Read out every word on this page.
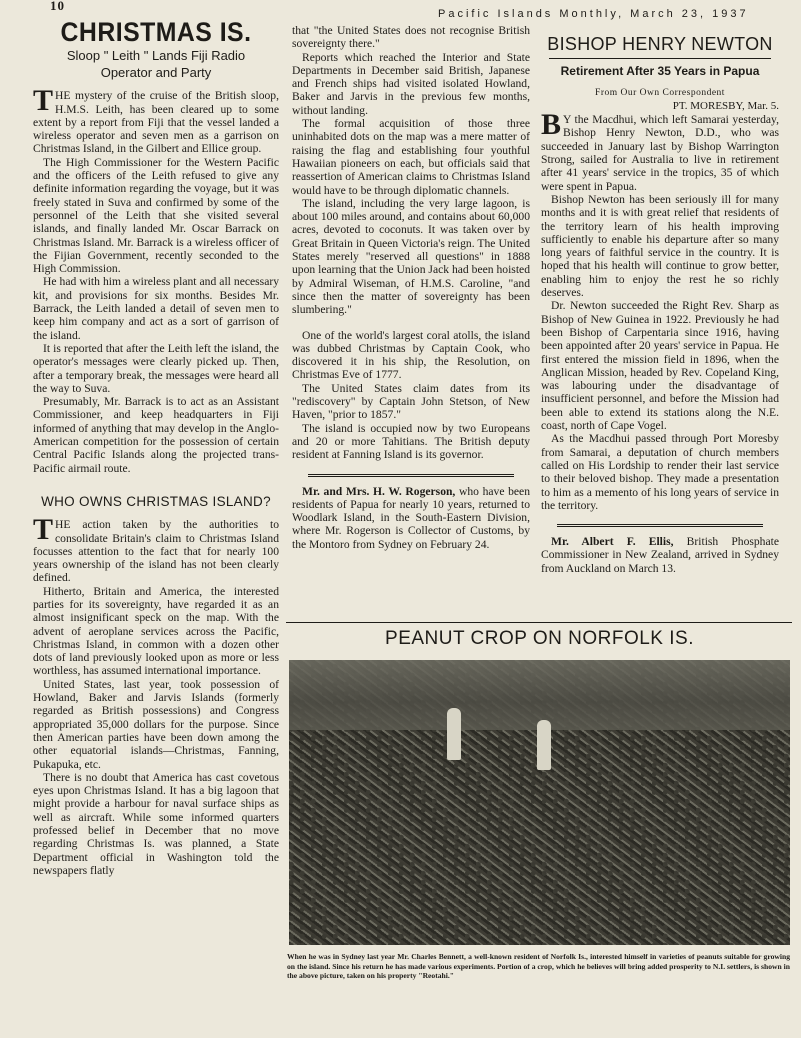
10
Pacific Islands Monthly, March 23, 1937
CHRISTMAS IS.
Sloop " Leith " Lands Fiji Radio
Operator and Party

THE mystery of the cruise of the British sloop, H.M.S. Leith, has been cleared up to some extent by a report from Fiji that the vessel landed a wireless operator and seven men as a garrison on Christmas Island, in the Gilbert and Ellice group.

The High Commissioner for the Western Pacific and the officers of the Leith refused to give any definite information regarding the voyage, but it was freely stated in Suva and confirmed by some of the personnel of the Leith that she visited several islands, and finally landed Mr. Oscar Barrack on Christmas Island. Mr. Barrack is a wireless officer of the Fijian Government, recently seconded to the High Commission.

He had with him a wireless plant and all necessary kit, and provisions for six months. Besides Mr. Barrack, the Leith landed a detail of seven men to keep him company and act as a sort of garrison of the island.

It is reported that after the Leith left the island, the operator's messages were clearly picked up. Then, after a temporary break, the messages were heard all the way to Suva.

Presumably, Mr. Barrack is to act as an Assistant Commissioner, and keep headquarters in Fiji informed of anything that may develop in the Anglo-American competition for the possession of certain Central Pacific Islands along the projected trans-Pacific airmail route.

WHO OWNS CHRISTMAS ISLAND?

THE action taken by the authorities to consolidate Britain's claim to Christmas Island focusses attention to the fact that for nearly 100 years ownership of the island has not been clearly defined.

Hitherto, Britain and America, the interested parties for its sovereignty, have regarded it as an almost insignificant speck on the map. With the advent of aeroplane services across the Pacific, Christmas Island, in common with a dozen other dots of land previously looked upon as more or less worthless, has assumed international importance.

United States, last year, took possession of Howland, Baker and Jarvis Islands (formerly regarded as British possessions) and Congress appropriated 35,000 dollars for the purpose. Since then American parties have been down among the other equatorial islands—Christmas, Fanning, Pukapuka, etc.

There is no doubt that America has cast covetous eyes upon Christmas Island. It has a big lagoon that might provide a harbour for naval surface ships as well as aircraft. While some informed quarters professed belief in December that no move regarding Christmas Is. was planned, a State Department official in Washington told the newspapers flatly

that "the United States does not recognise British sovereignty there."

Reports which reached the Interior and State Departments in December said British, Japanese and French ships had visited isolated Howland, Baker and Jarvis in the previous few months, without landing.

The formal acquisition of those three uninhabited dots on the map was a mere matter of raising the flag and establishing four youthful Hawaiian pioneers on each, but officials said that reassertion of American claims to Christmas Island would have to be through diplomatic channels.

The island, including the very large lagoon, is about 100 miles around, and contains about 60,000 acres, devoted to coconuts. It was taken over by Great Britain in Queen Victoria's reign. The United States merely "reserved all questions" in 1888 upon learning that the Union Jack had been hoisted by Admiral Wiseman, of H.M.S. Caroline, "and since then the matter of sovereignty has been slumbering."

One of the world's largest coral atolls, the island was dubbed Christmas by Captain Cook, who discovered it in his ship, the Resolution, on Christmas Eve of 1777.

The United States claim dates from its "rediscovery" by Captain John Stetson, of New Haven, "prior to 1857."

The island is occupied now by two Europeans and 20 or more Tahitians. The British deputy resident at Fanning Island is its governor.

Mr. and Mrs. H. W. Rogerson, who have been residents of Papua for nearly 10 years, returned to Woodlark Island, in the South-Eastern Division, where Mr. Rogerson is Collector of Customs, by the Montoro from Sydney on February 24.

BISHOP HENRY NEWTON
Retirement After 35 Years in Papua
From Our Own Correspondent
PT. MORESBY, Mar. 5.

B Y the Macdhui, which left Samarai yesterday, Bishop Henry Newton, D.D., who was succeeded in January last by Bishop Warrington Strong, sailed for Australia to live in retirement after 41 years' service in the tropics, 35 of which were spent in Papua.

Bishop Newton has been seriously ill for many months and it is with great relief that residents of the territory learn of his health improving sufficiently to enable his departure after so many long years of faithful service in the country. It is hoped that his health will continue to grow better, enabling him to enjoy the rest he so richly deserves.

Dr. Newton succeeded the Right Rev. Sharp as Bishop of New Guinea in 1922. Previously he had been Bishop of Carpentaria since 1916, having been appointed after 20 years' service in Papua. He first entered the mission field in 1896, when the Anglican Mission, headed by Rev. Copeland King, was labouring under the disadvantage of insufficient personnel, and before the Mission had been able to extend its stations along the N.E. coast, north of Cape Vogel.

As the Macdhui passed through Port Moresby from Samarai, a deputation of church members called on His Lordship to render their last service to their beloved bishop. They made a presentation to him as a memento of his long years of service in the territory.

Mr. Albert F. Ellis, British Phosphate Commissioner in New Zealand, arrived in Sydney from Auckland on March 13.

PEANUT CROP ON NORFOLK IS.
When he was in Sydney last year Mr. Charles Bennett, a well-known resident of Norfolk Is., interested himself in varieties of peanuts suitable for growing on the island. Since his return he has made various experiments. Portion of a crop, which he believes will bring added prosperity to N.I. settlers, is shown in the above picture, taken on his property "Reotahi."
